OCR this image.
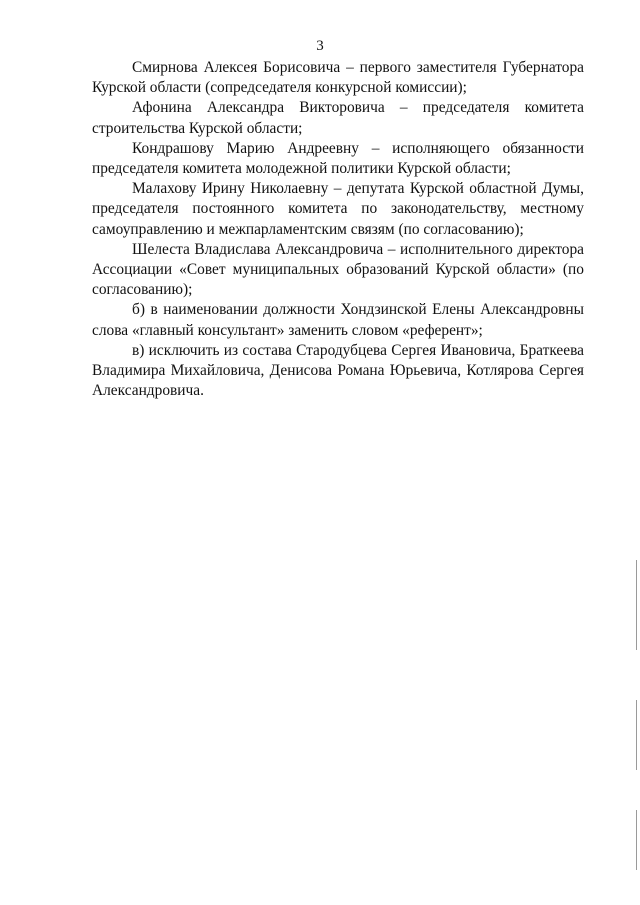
3

Смирнова Алексея Борисовича – первого заместителя Губернатора Курской области (сопредседателя конкурсной комиссии);

Афонина Александра Викторовича – председателя комитета строительства Курской области;

Кондрашову Марию Андреевну – исполняющего обязанности председателя комитета молодежной политики Курской области;

Малахову Ирину Николаевну – депутата Курской областной Думы, председателя постоянного комитета по законодательству, местному самоуправлению и межпарламентским связям (по согласованию);

Шелеста Владислава Александровича – исполнительного директора Ассоциации «Совет муниципальных образований Курской области» (по согласованию);

б) в наименовании должности Хондзинской Елены Александровны слова «главный консультант» заменить словом «референт»;

в) исключить из состава Стародубцева Сергея Ивановича, Браткеева Владимира Михайловича, Денисова Романа Юрьевича, Котлярова Сергея Александровича.
